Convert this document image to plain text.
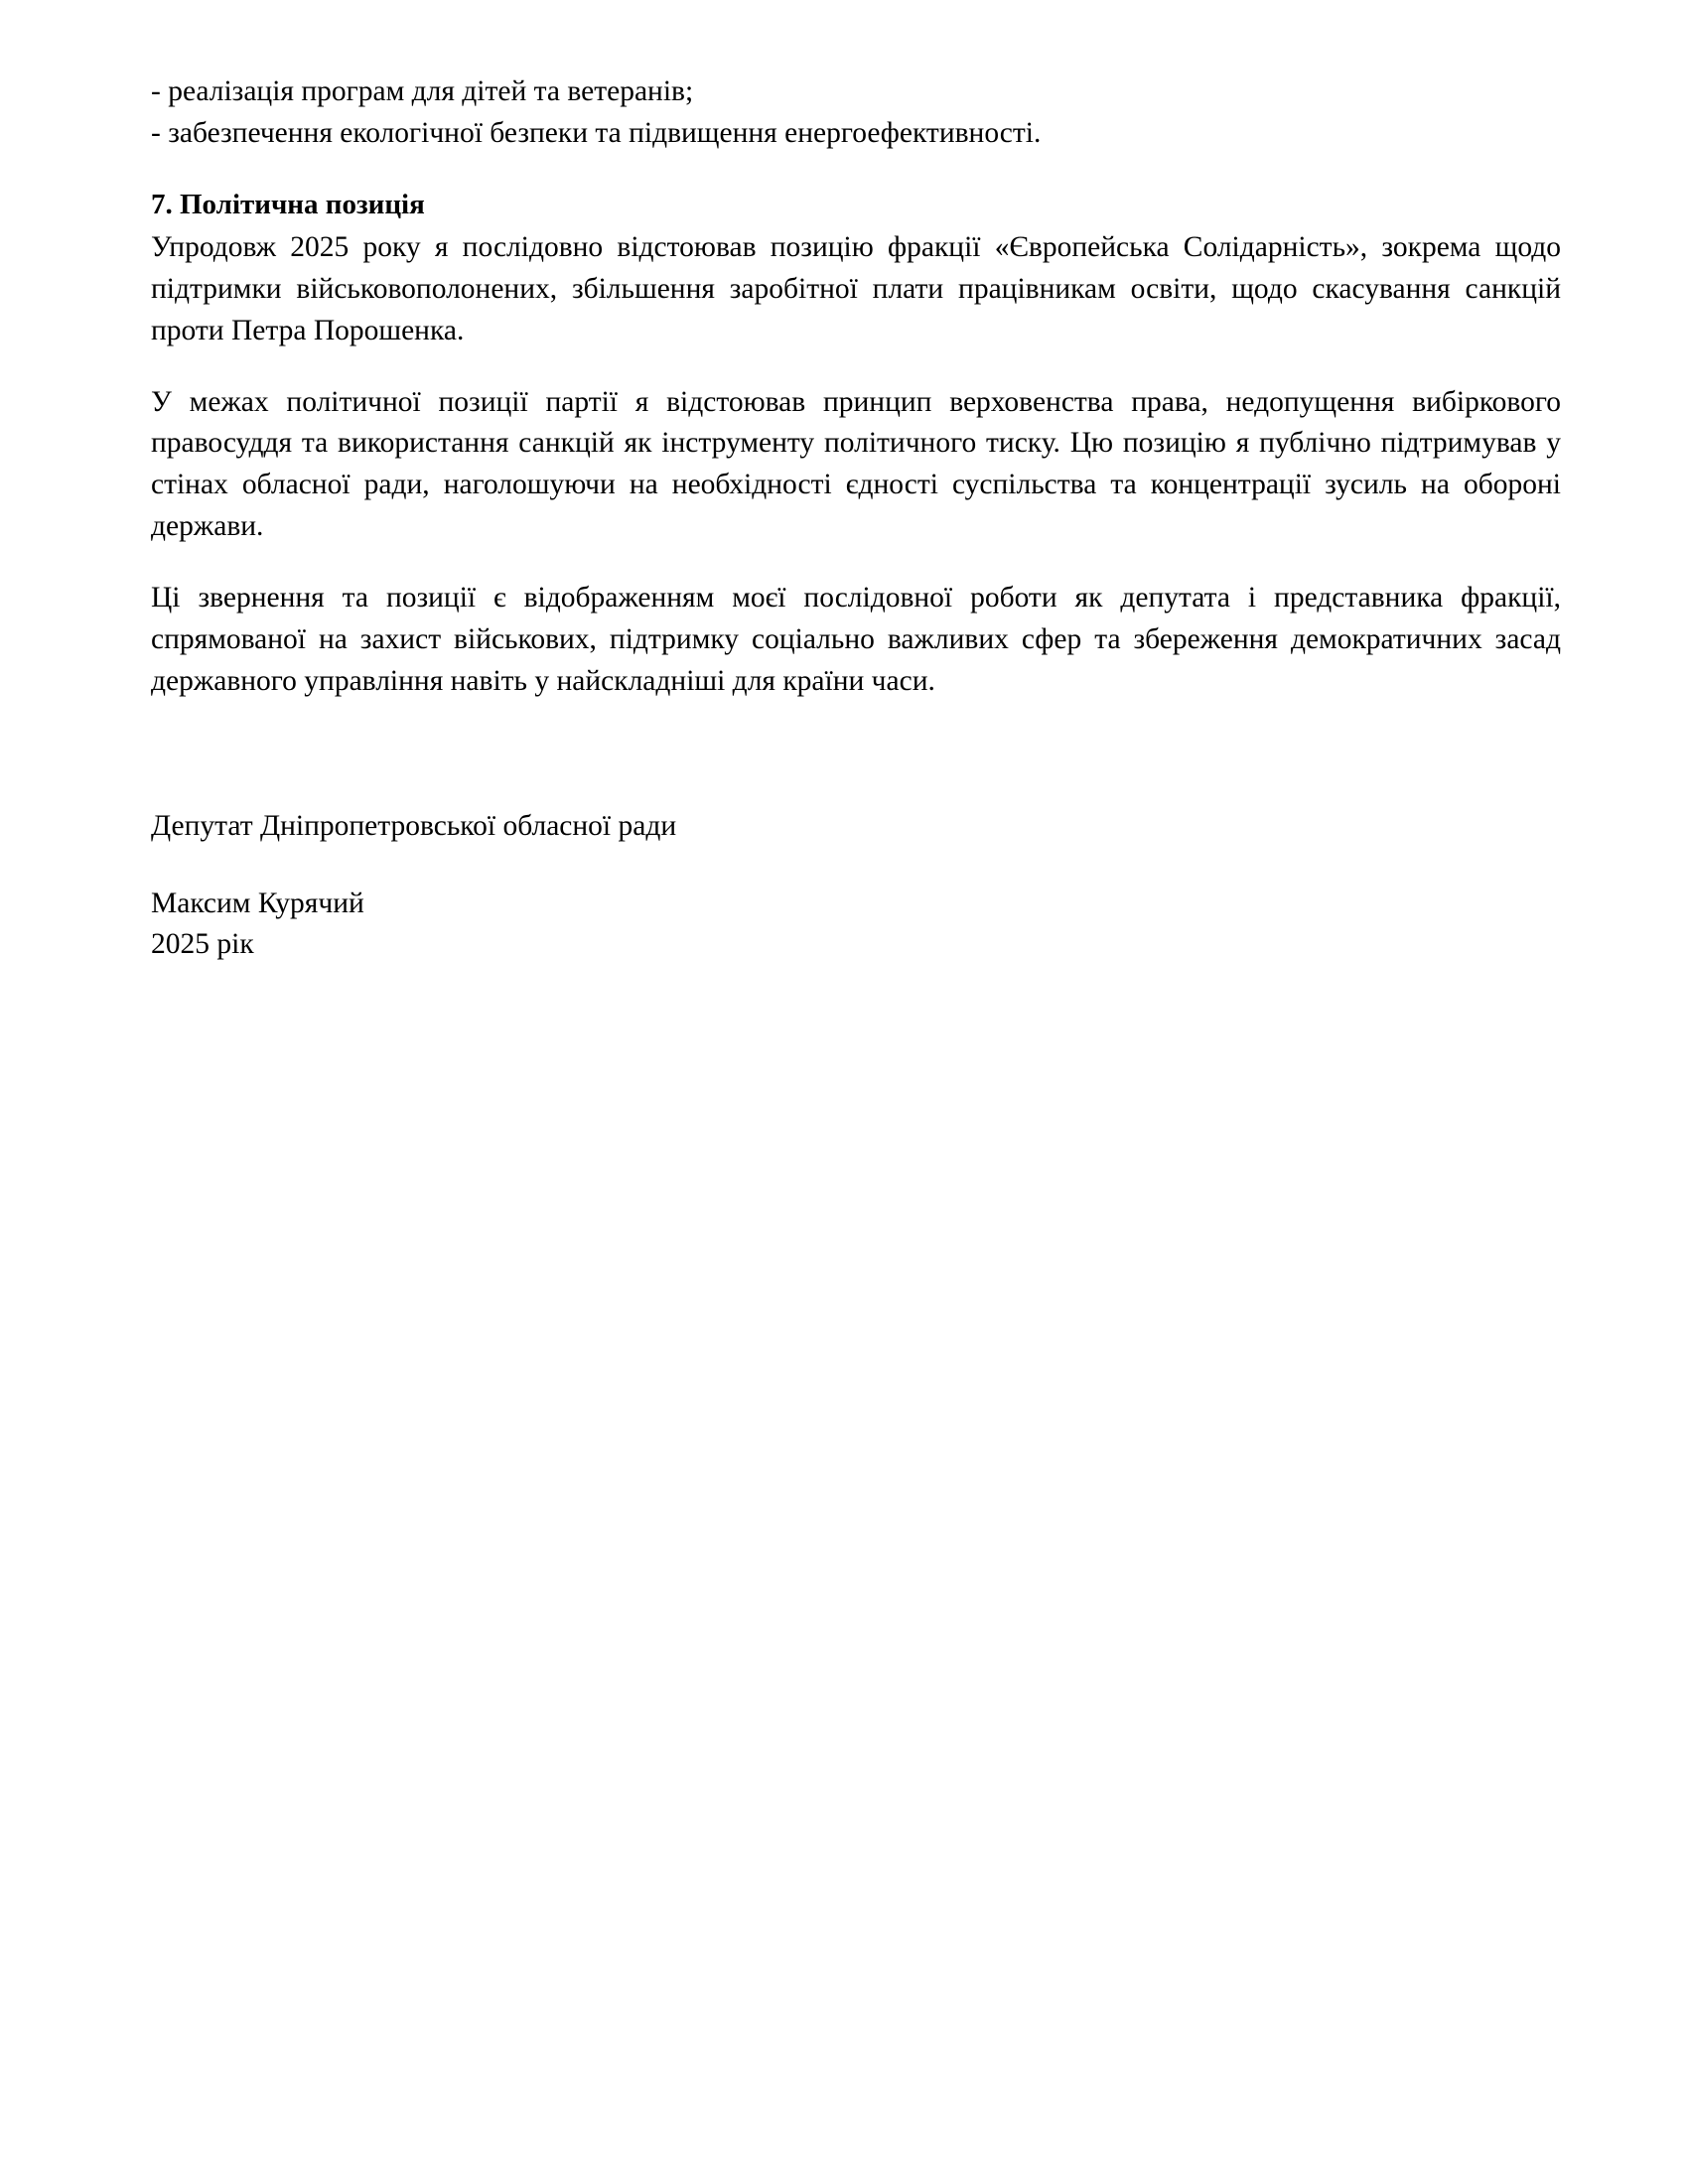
- реалізація програм для дітей та ветеранів;
- забезпечення екологічної безпеки та підвищення енергоефективності.
7. Політична позиція

Упродовж 2025 року я послідовно відстоював позицію фракції «Європейська Солідарність», зокрема щодо підтримки військовополонених, збільшення заробітної плати працівникам освіти, щодо скасування санкцій проти Петра Порошенка.

У межах політичної позиції партії я відстоював принцип верховенства права, недопущення вибіркового правосуддя та використання санкцій як інструменту політичного тиску. Цю позицію я публічно підтримував у стінах обласної ради, наголошуючи на необхідності єдності суспільства та концентрації зусиль на обороні держави.

Ці звернення та позиції є відображенням моєї послідовної роботи як депутата і представника фракції, спрямованої на захист військових, підтримку соціально важливих сфер та збереження демократичних засад державного управління навіть у найскладніші для країни часи.

Депутат Дніпропетровської обласної ради

Максим Курячий

2025 рік
